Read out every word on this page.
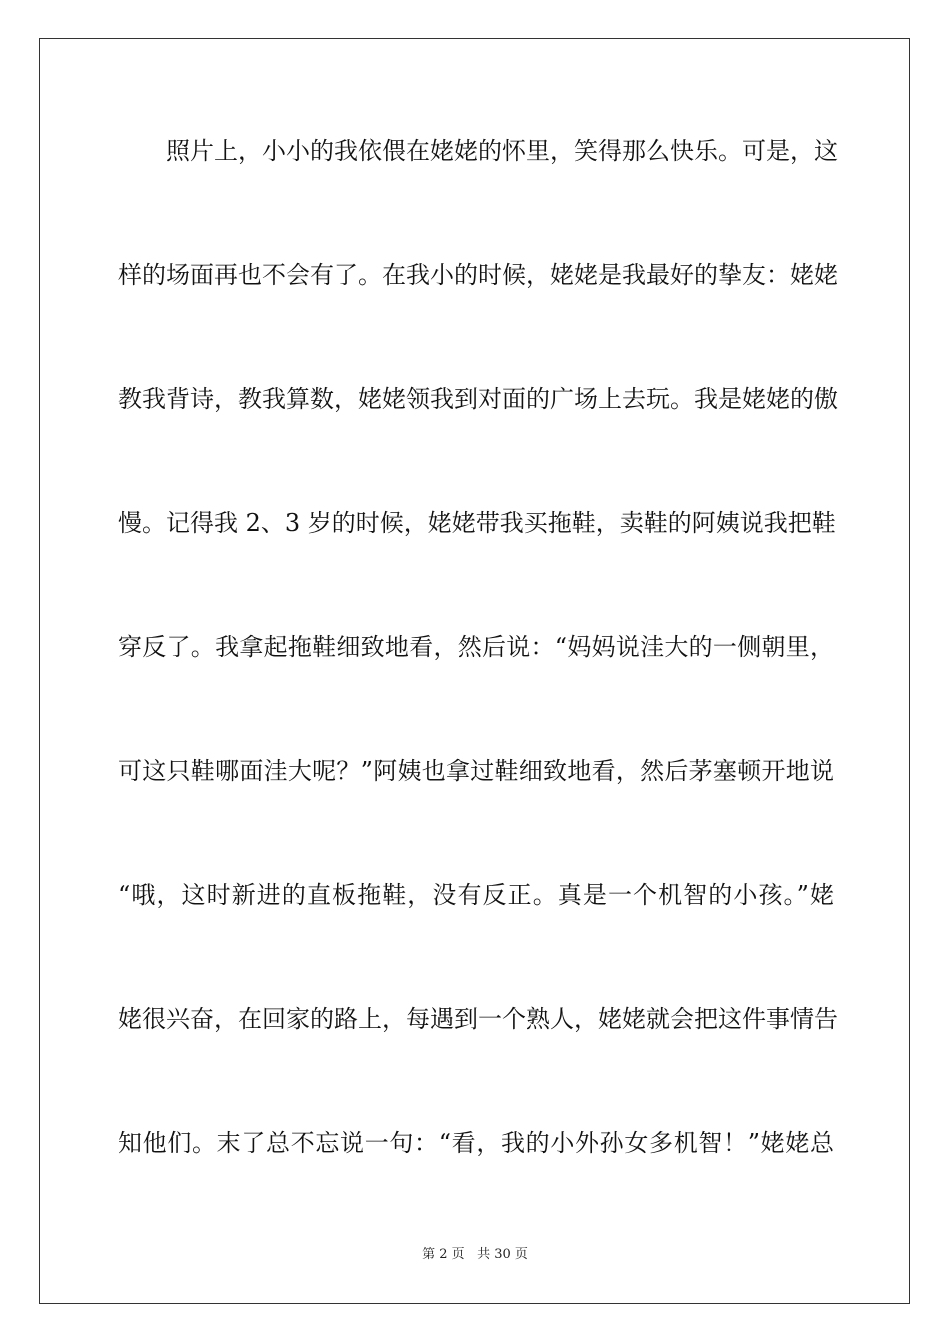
照片上，小小的我依偎在姥姥的怀里，笑得那么快乐。可是，这
样的场面再也不会有了。在我小的时候，姥姥是我最好的挚友：姥姥
教我背诗，教我算数，姥姥领我到对面的广场上去玩。我是姥姥的傲
慢。记得我 2、3 岁的时候，姥姥带我买拖鞋，卖鞋的阿姨说我把鞋
穿反了。我拿起拖鞋细致地看，然后说：“妈妈说洼大的一侧朝里，
可这只鞋哪面洼大呢？”阿姨也拿过鞋细致地看，然后茅塞顿开地说
“哦，这时新进的直板拖鞋，没有反正。真是一个机智的小孩。”姥
姥很兴奋，在回家的路上，每遇到一个熟人，姥姥就会把这件事情告
知他们。末了总不忘说一句：“看，我的小外孙女多机智！”姥姥总
第 2 页 共 30 页
